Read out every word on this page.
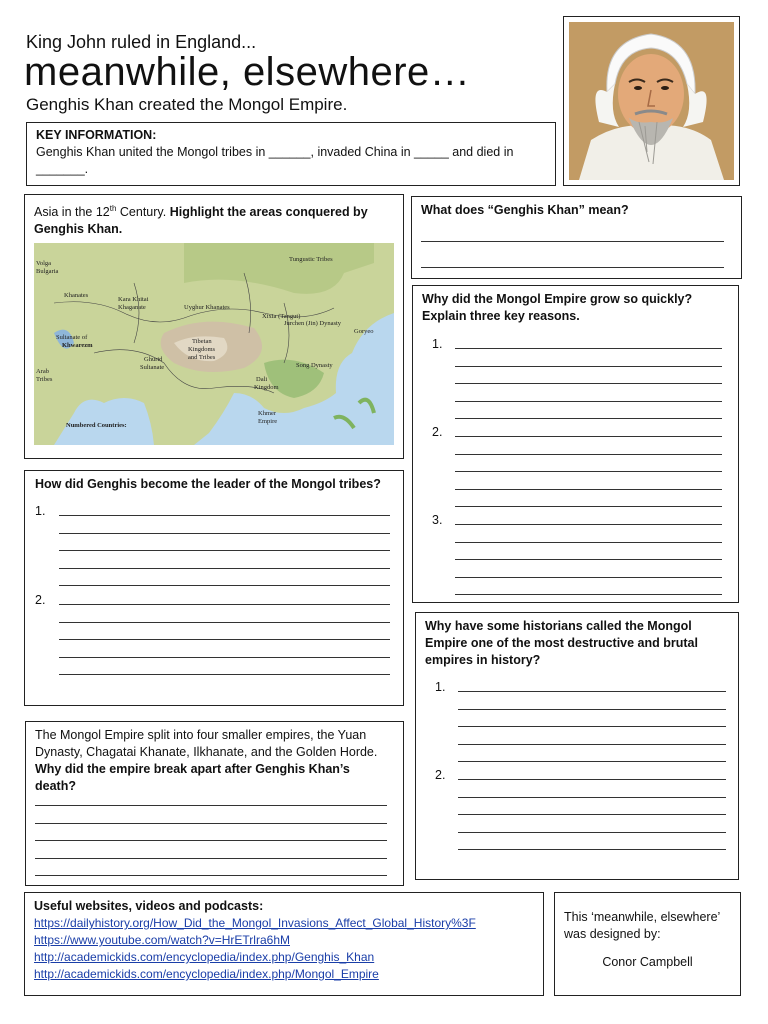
King John ruled in England...
meanwhile, elsewhere…
Genghis Khan created the Mongol Empire.
KEY INFORMATION:
Genghis Khan united the Mongol tribes in ______, invaded China in _____ and died in
_______.
Asia in the 12th Century. Highlight the areas conquered by Genghis Khan.
Tungustic Tribes
Volga
Bulgaria
Khanates
Kara Khitai
Khaganate	Uyghur Khanates
Xixia (Tangut)
Jurchen (Jin) Dynasty
Goryeo
Sultanate of
Khwarezm
Tibetan
Kingdoms
and Tribes
Song Dynasty
Ghurid
Sultanate
Arab
Tribes	Dali
Kingdom
Khmer
Empire
Numbered Countries:
What does “Genghis Khan” mean?
Why did the Mongol Empire grow so quickly?
Explain three key reasons.
1.
2.
3.
How did Genghis become the leader of the Mongol tribes?
1.
2.
Why have some historians called the Mongol Empire one of the most destructive and brutal empires in history?
1.
2.
The Mongol Empire split into four smaller empires, the Yuan Dynasty, Chagatai Khanate, Ilkhanate, and the Golden Horde.
Why did the empire break apart after Genghis Khan’s death?
Useful websites, videos and podcasts:
https://dailyhistory.org/How_Did_the_Mongol_Invasions_Affect_Global_History%3F
https://www.youtube.com/watch?v=HrETrlra6hM
http://academickids.com/encyclopedia/index.php/Genghis_Khan
http://academickids.com/encyclopedia/index.php/Mongol_Empire
This ‘meanwhile, elsewhere’
was designed by:
Conor Campbell
